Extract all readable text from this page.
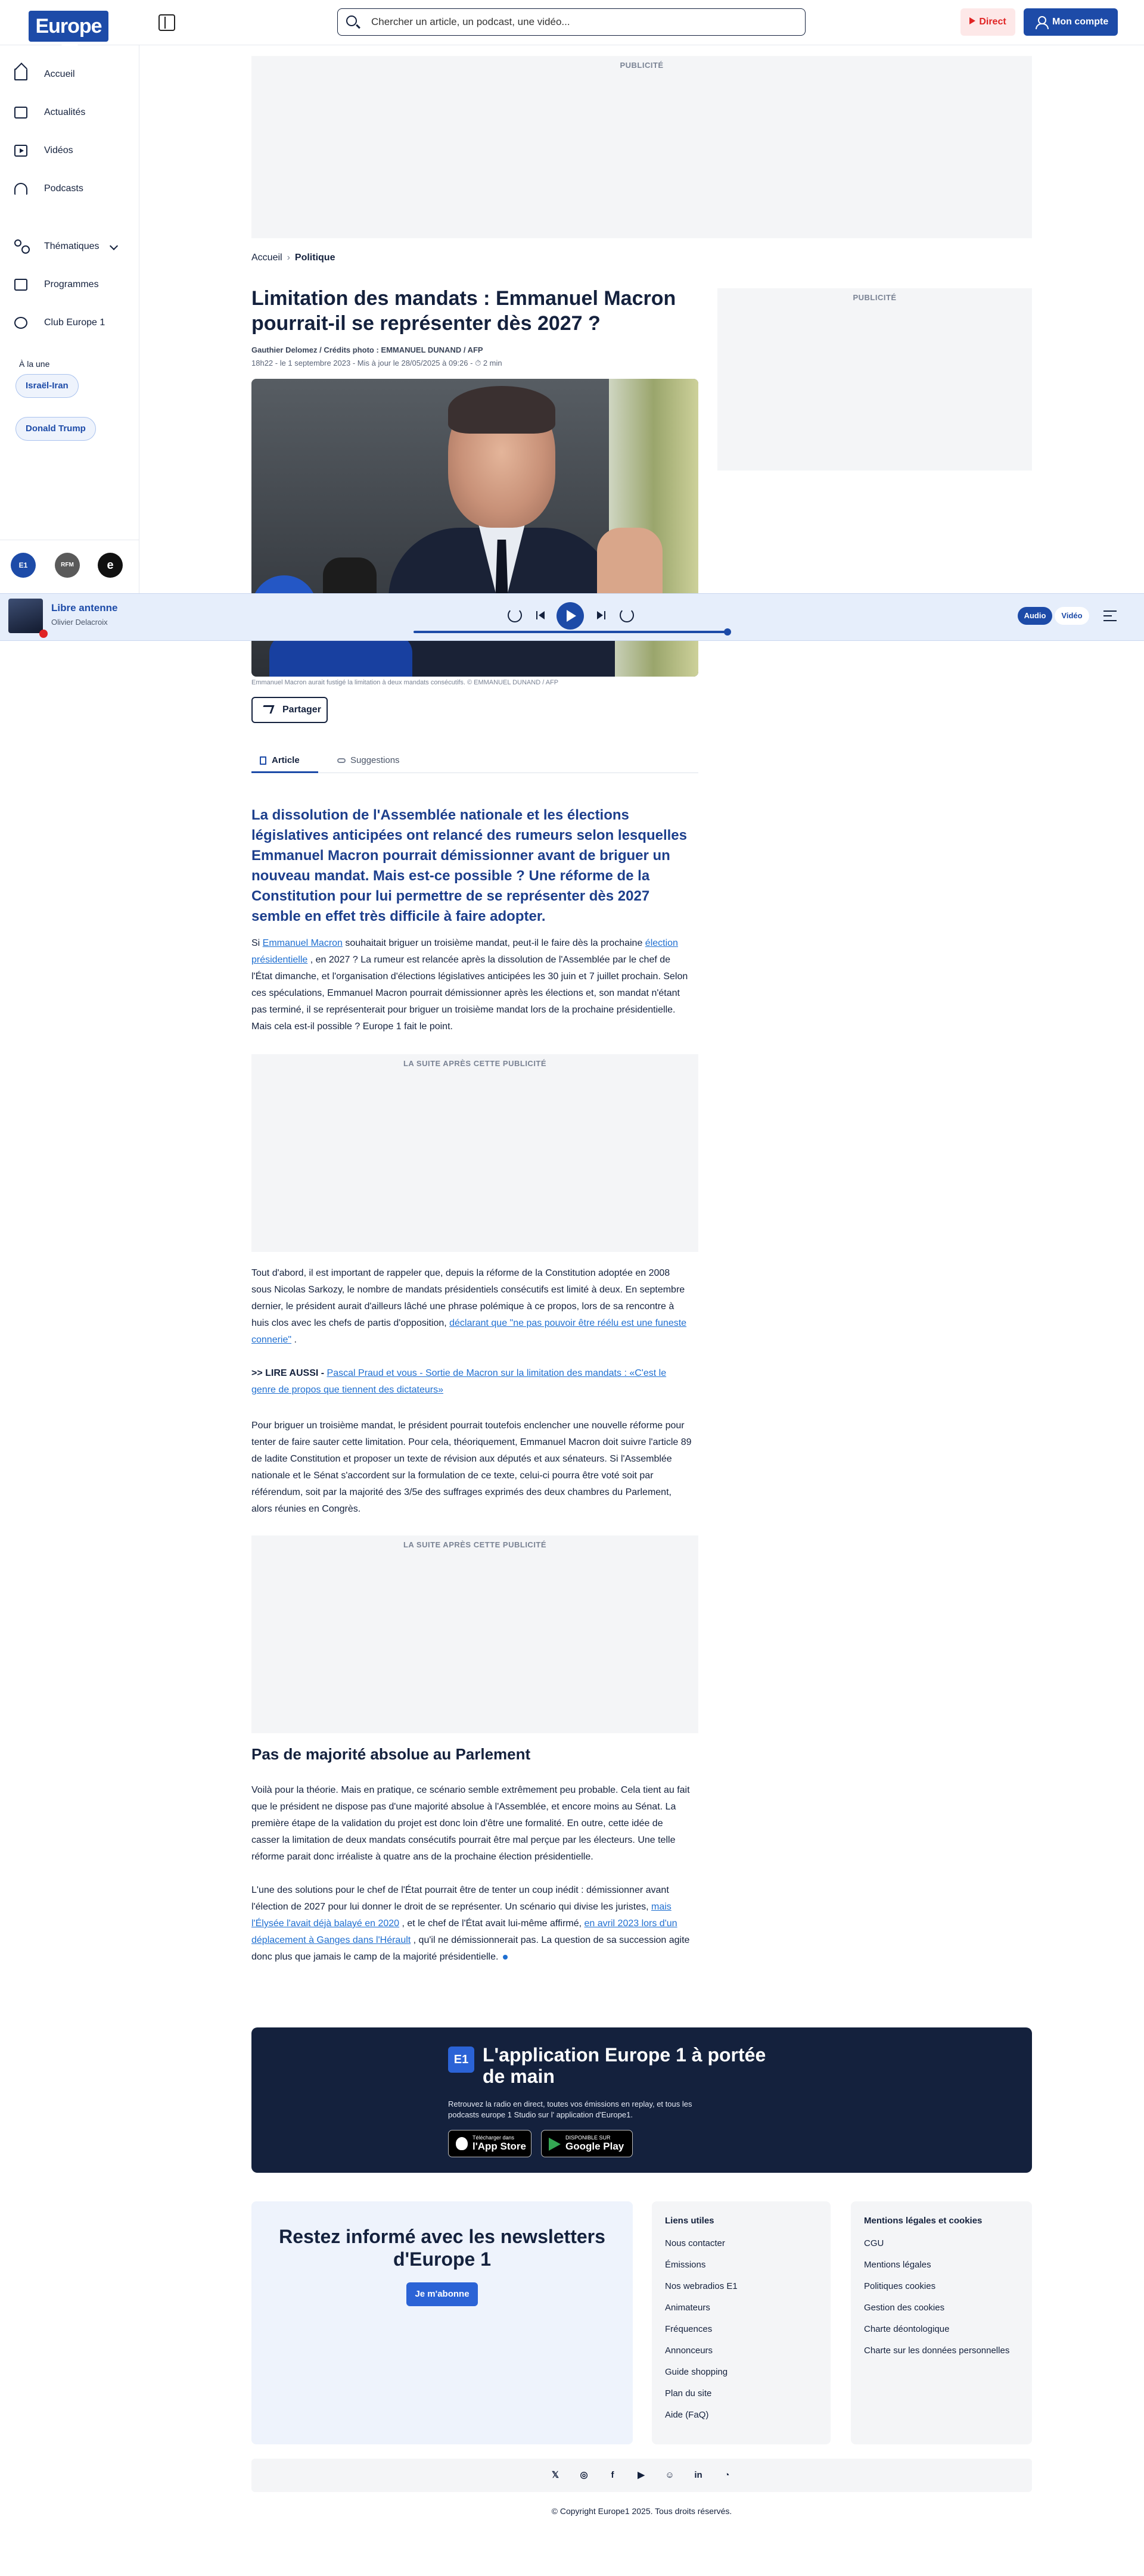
Europe
Chercher un article, un podcast, une vidéo...	Direct	Mon compte
Accueil
Actualités
Vidéos
Podcasts
Thématiques
Programmes
Club Europe 1
À la une
Israël-Iran
Donald Trump
E1	RFM	e
PUBLICITÉ
Accueil › Politique
PUBLICITÉ
Limitation des mandats : Emmanuel Macron pourrait-il se représenter dès 2027 ?
Gauthier Delomez / Crédits photo : EMMANUEL DUNAND / AFP
18h22 - le 1 septembre 2023 - Mis à jour le 28/05/2025 à 09:26 - ⏱ 2 min
Libre antenne
Olivier Delacroix
Audio	Vidéo
Emmanuel Macron aurait fustigé la limitation à deux mandats consécutifs. © EMMANUEL DUNAND / AFP
Partager
Article	Suggestions

La dissolution de l'Assemblée nationale et les élections législatives anticipées ont relancé des rumeurs selon lesquelles Emmanuel Macron pourrait démissionner avant de briguer un nouveau mandat. Mais est-ce possible ? Une réforme de la Constitution pour lui permettre de se représenter dès 2027 semble en effet très difficile à faire adopter.

Si Emmanuel Macron souhaitait briguer un troisième mandat, peut-il le faire dès la prochaine élection présidentielle , en 2027 ? La rumeur est relancée après la dissolution de l'Assemblée par le chef de l'État dimanche, et l'organisation d'élections législatives anticipées les 30 juin et 7 juillet prochain. Selon ces spéculations, Emmanuel Macron pourrait démissionner après les élections et, son mandat n'étant pas terminé, il se représenterait pour briguer un troisième mandat lors de la prochaine présidentielle. Mais cela est-il possible ? Europe 1 fait le point.

LA SUITE APRÈS CETTE PUBLICITÉ

Tout d'abord, il est important de rappeler que, depuis la réforme de la Constitution adoptée en 2008 sous Nicolas Sarkozy, le nombre de mandats présidentiels consécutifs est limité à deux. En septembre dernier, le président aurait d'ailleurs lâché une phrase polémique à ce propos, lors de sa rencontre à huis clos avec les chefs de partis d'opposition, déclarant que "ne pas pouvoir être réélu est une funeste connerie" .

>> LIRE AUSSI - Pascal Praud et vous - Sortie de Macron sur la limitation des mandats : «C'est le genre de propos que tiennent des dictateurs»

Pour briguer un troisième mandat, le président pourrait toutefois enclencher une nouvelle réforme pour tenter de faire sauter cette limitation. Pour cela, théoriquement, Emmanuel Macron doit suivre l'article 89 de ladite Constitution et proposer un texte de révision aux députés et aux sénateurs. Si l'Assemblée nationale et le Sénat s'accordent sur la formulation de ce texte, celui-ci pourra être voté soit par référendum, soit par la majorité des 3/5e des suffrages exprimés des deux chambres du Parlement, alors réunies en Congrès.

LA SUITE APRÈS CETTE PUBLICITÉ
Pas de majorité absolue au Parlement

Voilà pour la théorie. Mais en pratique, ce scénario semble extrêmement peu probable. Cela tient au fait que le président ne dispose pas d'une majorité absolue à l'Assemblée, et encore moins au Sénat. La première étape de la validation du projet est donc loin d'être une formalité. En outre, cette idée de casser la limitation de deux mandats consécutifs pourrait être mal perçue par les électeurs. Une telle réforme parait donc irréaliste à quatre ans de la prochaine élection présidentielle.

L'une des solutions pour le chef de l'État pourrait être de tenter un coup inédit : démissionner avant l'élection de 2027 pour lui donner le droit de se représenter. Un scénario qui divise les juristes, mais l'Élysée l'avait déjà balayé en 2020 , et le chef de l'État avait lui-même affirmé, en avril 2023 lors d'un déplacement à Ganges dans l'Hérault , qu'il ne démissionnerait pas. La question de sa succession agite donc plus que jamais le camp de la majorité présidentielle.

E1 L'application Europe 1 à portée de main
Retrouvez la radio en direct, toutes vos émissions en replay, et tous les podcasts europe 1 Studio sur l' application d'Europe1.
Télécharger dans
l'App Store
DISPONIBLE SUR
Google Play
Restez informé avec les newsletters d'Europe 1
Je m'abonne
Liens utiles
Nous contacter
Émissions
Nos webradios E1
Animateurs
Fréquences
Annonceurs
Guide shopping
Plan du site
Aide (FaQ)
Mentions légales et cookies
CGU
Mentions légales
Politiques cookies
Gestion des cookies
Charte déontologique
Charte sur les données personnelles
𝕏 ◎	f	▶ ☺ in	◔
© Copyright Europe1 2025. Tous droits réservés.
